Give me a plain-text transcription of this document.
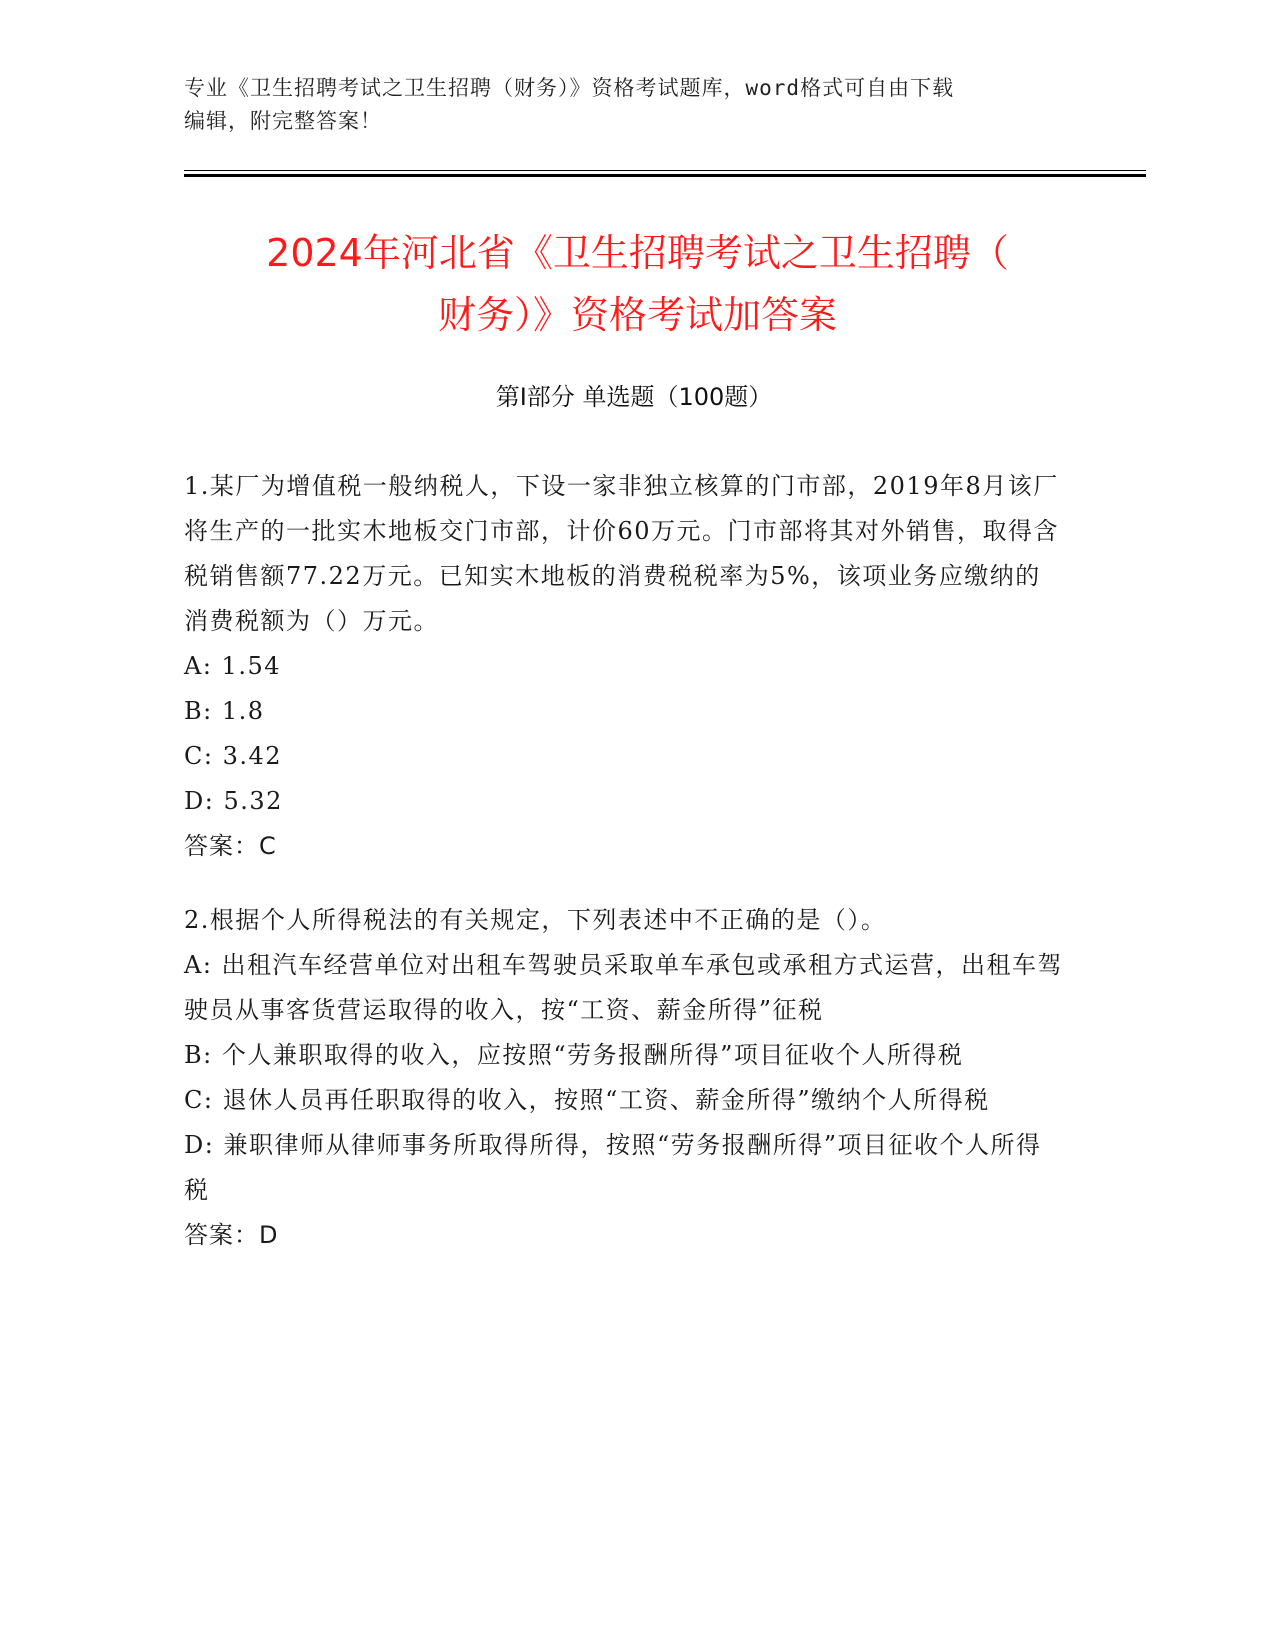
专业《卫生招聘考试之卫生招聘（财务）》资格考试题库，word格式可自由下载
编辑，附完整答案！
2024年河北省《卫生招聘考试之卫生招聘（
财务）》资格考试加答案
第Ⅰ部分 单选题（100题）
1.某厂为增值税一般纳税人，下设一家非独立核算的门市部，2019年8月该厂将生产的一批实木地板交门市部，计价60万元。门市部将其对外销售，取得含税销售额77.22万元。已知实木地板的消费税税率为5%，该项业务应缴纳的消费税额为（）万元。
A: 1.54
B: 1.8
C: 3.42
D: 5.32
答案：C
2.根据个人所得税法的有关规定，下列表述中不正确的是（）。
A: 出租汽车经营单位对出租车驾驶员采取单车承包或承租方式运营，出租车驾驶员从事客货营运取得的收入，按“工资、薪金所得”征税
B: 个人兼职取得的收入，应按照“劳务报酬所得”项目征收个人所得税
C: 退休人员再任职取得的收入，按照“工资、薪金所得”缴纳个人所得税
D: 兼职律师从律师事务所取得所得，按照“劳务报酬所得”项目征收个人所得税
答案：D
